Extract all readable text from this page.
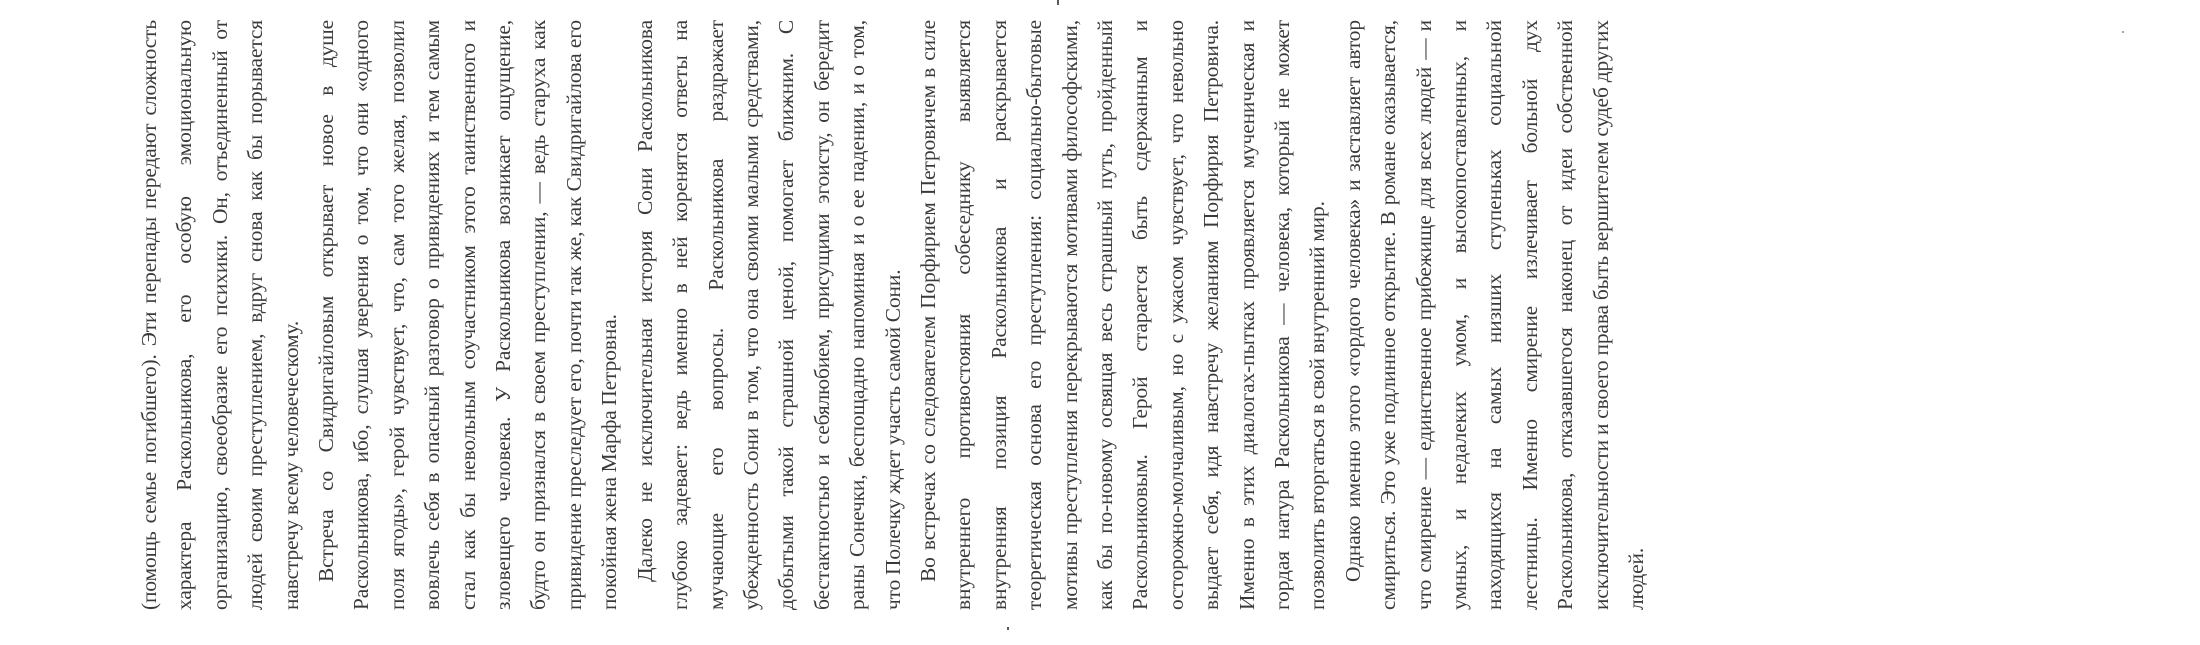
(помощь семье погибшего). Эти перепады передают сложность характера Раскольникова, его особую эмоциональную организацию, своеобразие его психики. Он, отъединенный от людей своим преступлением, вдруг снова как бы порывается навстречу всему человеческому. Встреча со Свидригайловым открывает новое в душе Раскольникова, ибо, слушая уверения о том, что они «одного поля ягоды», герой чувствует, что, сам того желая, позволил вовлечь себя в опасный разговор о привидениях и тем самым стал как бы невольным соучастником этого таинственного и зловещего человека. У Раскольникова возникает ощущение, будто он признался в своем преступлении, — ведь старуха как привидение преследует его, почти так же, как Свидригайлова его покойная жена Марфа Петровна. Далеко не исключительная история Сони Раскольникова глубоко задевает: ведь именно в ней коренятся ответы на мучающие его вопросы. Раскольникова раздражает убежденность Сони в том, что она своими малыми средствами, добытыми такой страшной ценой, помогает ближним. С бестактностью и себялюбием, присущими эгоисту, он бередит раны Сонечки, беспощадно напоминая и о ее падении, и о том, что Полечку ждет участь самой Сони. Во встречах со следователем Порфирием Петровичем в силе внутреннего противостояния собеседнику выявляется внутренняя позиция Раскольникова и раскрывается теоретическая основа его преступления: социально-бытовые мотивы преступления перекрываются мотивами философскими, как бы по-новому освящая весь страшный путь, пройденный Раскольниковым. Герой старается быть сдержанным и осторожно-молчаливым, но с ужасом чувствует, что невольно выдает себя, идя навстречу желаниям Порфирия Петровича. Именно в этих диалогах-пытках проявляется мученическая и гордая натура Раскольникова — человека, который не может позволить вторгаться в свой внутренний мир. Однако именно этого «гордого человека» и заставляет автор смириться. Это уже подлинное открытие. В романе оказывается, что смирение — единственное прибежище для всех людей — и умных, и недалеких умом, и высокопоставленных, и находящихся на самых низших ступеньках социальной лестницы. Именно смирение излечивает больной дух Раскольникова, отказавшегося наконец от идеи собственной исключительности и своего права быть вершителем судеб других людей.
